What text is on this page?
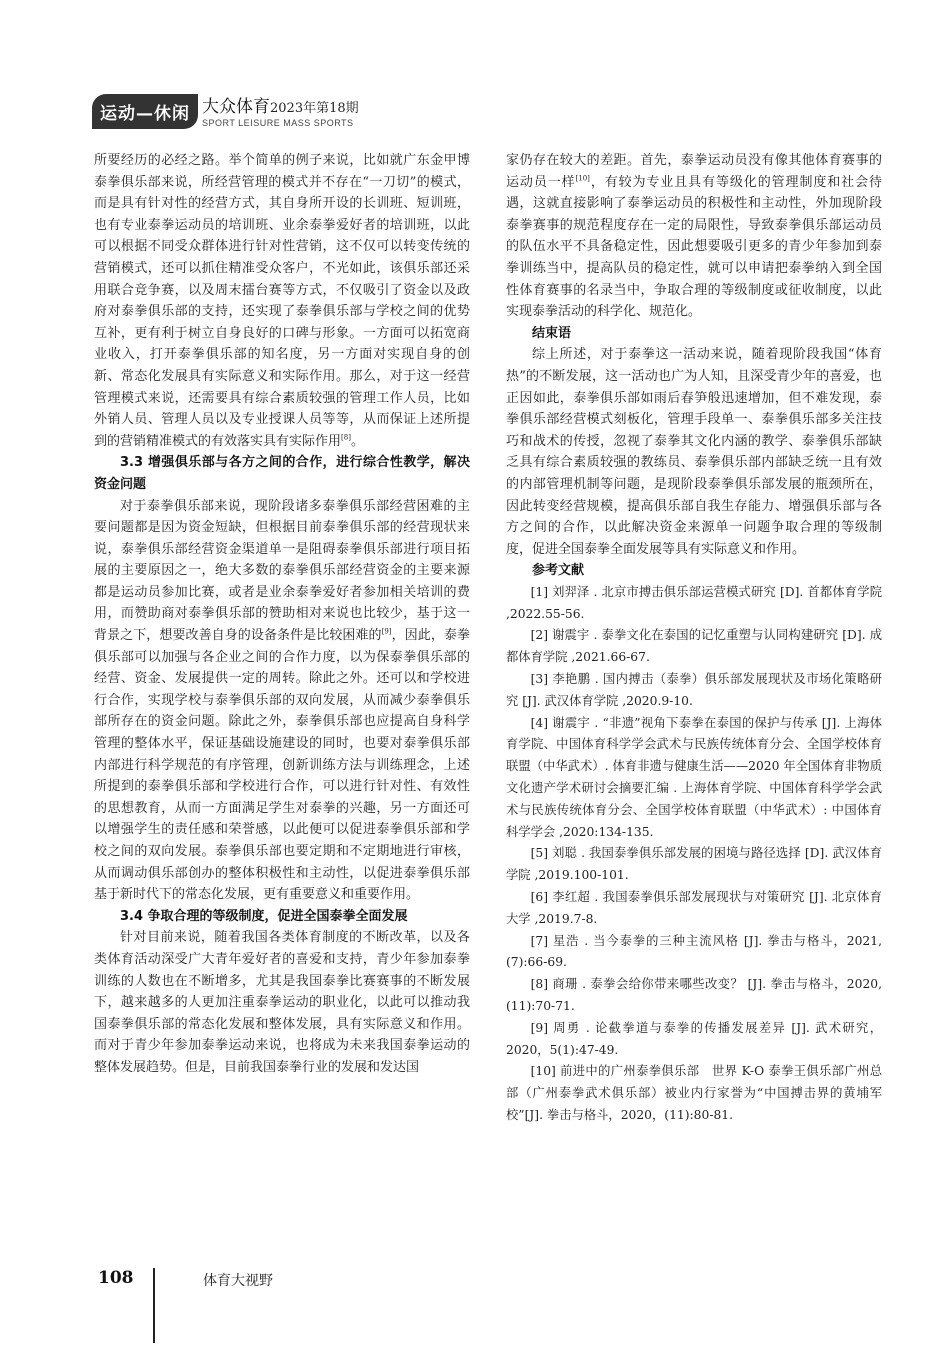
运动—休闲 大众体育2023年第18期
SPORT LEISURE MASS SPORTS

所要经历的必经之路。举个简单的例子来说，比如就广东金甲博泰拳俱乐部来说，所经营管理的模式并不存在“一刀切”的模式，而是具有针对性的经营方式，其自身所开设的长训班、短训班，也有专业泰拳运动员的培训班、业余泰拳爱好者的培训班，以此可以根据不同受众群体进行针对性营销，这不仅可以转变传统的营销模式，还可以抓住精准受众客户，不光如此，该俱乐部还采用联合竞争赛，以及周末擂台赛等方式，不仅吸引了资金以及政府对泰拳俱乐部的支持，还实现了泰拳俱乐部与学校之间的优势互补，更有利于树立自身良好的口碑与形象。一方面可以拓宽商业收入，打开泰拳俱乐部的知名度，另一方面对实现自身的创新、常态化发展具有实际意义和实际作用。那么，对于这一经营管理模式来说，还需要具有综合素质较强的管理工作人员，比如外销人员、管理人员以及专业授课人员等等，从而保证上述所提到的营销精准模式的有效落实具有实际作用[8]。

3.3 增强俱乐部与各方之间的合作，进行综合性教学，解决资金问题

对于泰拳俱乐部来说，现阶段诸多泰拳俱乐部经营困难的主要问题都是因为资金短缺，但根据目前泰拳俱乐部的经营现状来说，泰拳俱乐部经营资金渠道单一是阻碍泰拳俱乐部进行项目拓展的主要原因之一，绝大多数的泰拳俱乐部经营资金的主要来源都是运动员参加比赛，或者是业余泰拳爱好者参加相关培训的费用，而赞助商对泰拳俱乐部的赞助相对来说也比较少，基于这一背景之下，想要改善自身的设备条件是比较困难的[9]，因此，泰拳俱乐部可以加强与各企业之间的合作力度，以为保泰拳俱乐部的经营、资金、发展提供一定的周转。除此之外。还可以和学校进行合作，实现学校与泰拳俱乐部的双向发展，从而减少泰拳俱乐部所存在的资金问题。除此之外，泰拳俱乐部也应提高自身科学管理的整体水平，保证基础设施建设的同时，也要对泰拳俱乐部内部进行科学规范的有序管理，创新训练方法与训练理念，上述所提到的泰拳俱乐部和学校进行合作，可以进行针对性、有效性的思想教育，从而一方面满足学生对泰拳的兴趣，另一方面还可以增强学生的责任感和荣誉感，以此便可以促进泰拳俱乐部和学校之间的双向发展。泰拳俱乐部也要定期和不定期地进行审核，从而调动俱乐部创办的整体积极性和主动性，以促进泰拳俱乐部基于新时代下的常态化发展，更有重要意义和重要作用。

3.4 争取合理的等级制度，促进全国泰拳全面发展

针对目前来说，随着我国各类体育制度的不断改革，以及各类体育活动深受广大青年爱好者的喜爱和支持，青少年参加泰拳训练的人数也在不断增多，尤其是我国泰拳比赛赛事的不断发展下，越来越多的人更加注重泰拳运动的职业化，以此可以推动我国泰拳俱乐部的常态化发展和整体发展，具有实际意义和作用。而对于青少年参加泰拳运动来说，也将成为未来我国泰拳运动的整体发展趋势。但是，目前我国泰拳行业的发展和发达国

家仍存在较大的差距。首先，泰拳运动员没有像其他体育赛事的运动员一样[10]，有较为专业且具有等级化的管理制度和社会待遇，这就直接影响了泰拳运动员的积极性和主动性，外加现阶段泰拳赛事的规范程度存在一定的局限性，导致泰拳俱乐部运动员的队伍水平不具备稳定性，因此想要吸引更多的青少年参加到泰拳训练当中，提高队员的稳定性，就可以申请把泰拳纳入到全国性体育赛事的名录当中，争取合理的等级制度或征收制度，以此实现泰拳活动的科学化、规范化。

结束语

综上所述，对于泰拳这一活动来说，随着现阶段我国“体育热”的不断发展，这一活动也广为人知，且深受青少年的喜爱，也正因如此，泰拳俱乐部如雨后春笋般迅速增加，但不难发现，泰拳俱乐部经营模式刻板化，管理手段单一、泰拳俱乐部多关注技巧和战术的传授，忽视了泰拳其文化内涵的教学、泰拳俱乐部缺乏具有综合素质较强的教练员、泰拳俱乐部内部缺乏统一且有效的内部管理机制等问题，是现阶段泰拳俱乐部发展的瓶颈所在，因此转变经营规模，提高俱乐部自我生存能力、增强俱乐部与各方之间的合作，以此解决资金来源单一问题争取合理的等级制度，促进全国泰拳全面发展等具有实际意义和作用。

参考文献

[1] 刘羿泽 . 北京市搏击俱乐部运营模式研究 [D]. 首都体育学院 ,2022.55-56.

[2] 谢震宇 . 泰拳文化在泰国的记忆重塑与认同构建研究 [D]. 成都体育学院 ,2021.66-67.

[3] 李艳鹏 . 国内搏击（泰拳）俱乐部发展现状及市场化策略研究 [J]. 武汉体育学院 ,2020.9-10.

[4] 谢震宇 . “非遗”视角下泰拳在泰国的保护与传承 [J]. 上海体育学院、中国体育科学学会武术与民族传统体育分会、全国学校体育联盟（中华武术）. 体育非遗与健康生活——2020 年全国体育非物质文化遗产学术研讨会摘要汇编 . 上海体育学院、中国体育科学学会武术与民族传统体育分会、全国学校体育联盟（中华武术）: 中国体育科学学会 ,2020:134-135.

[5] 刘聪 . 我国泰拳俱乐部发展的困境与路径选择 [D]. 武汉体育学院 ,2019.100-101.

[6] 李红超 . 我国泰拳俱乐部发展现状与对策研究 [J]. 北京体育大学 ,2019.7-8.

[7] 星浩 . 当今泰拳的三种主流风格 [J]. 拳击与格斗，2021, (7):66-69.

[8] 商珊 . 泰拳会给你带来哪些改变？ [J]. 拳击与格斗，2020, (11):70-71.

[9] 周勇 . 论截拳道与泰拳的传播发展差异 [J]. 武术研究，2020，5(1):47-49.

[10] 前进中的广州泰拳俱乐部　世界 K-O 泰拳王俱乐部广州总部（广州泰拳武术俱乐部）被业内行家誉为“中国搏击界的黄埔军校”[J]. 拳击与格斗，2020，(11):80-81.

108	体育大视野
